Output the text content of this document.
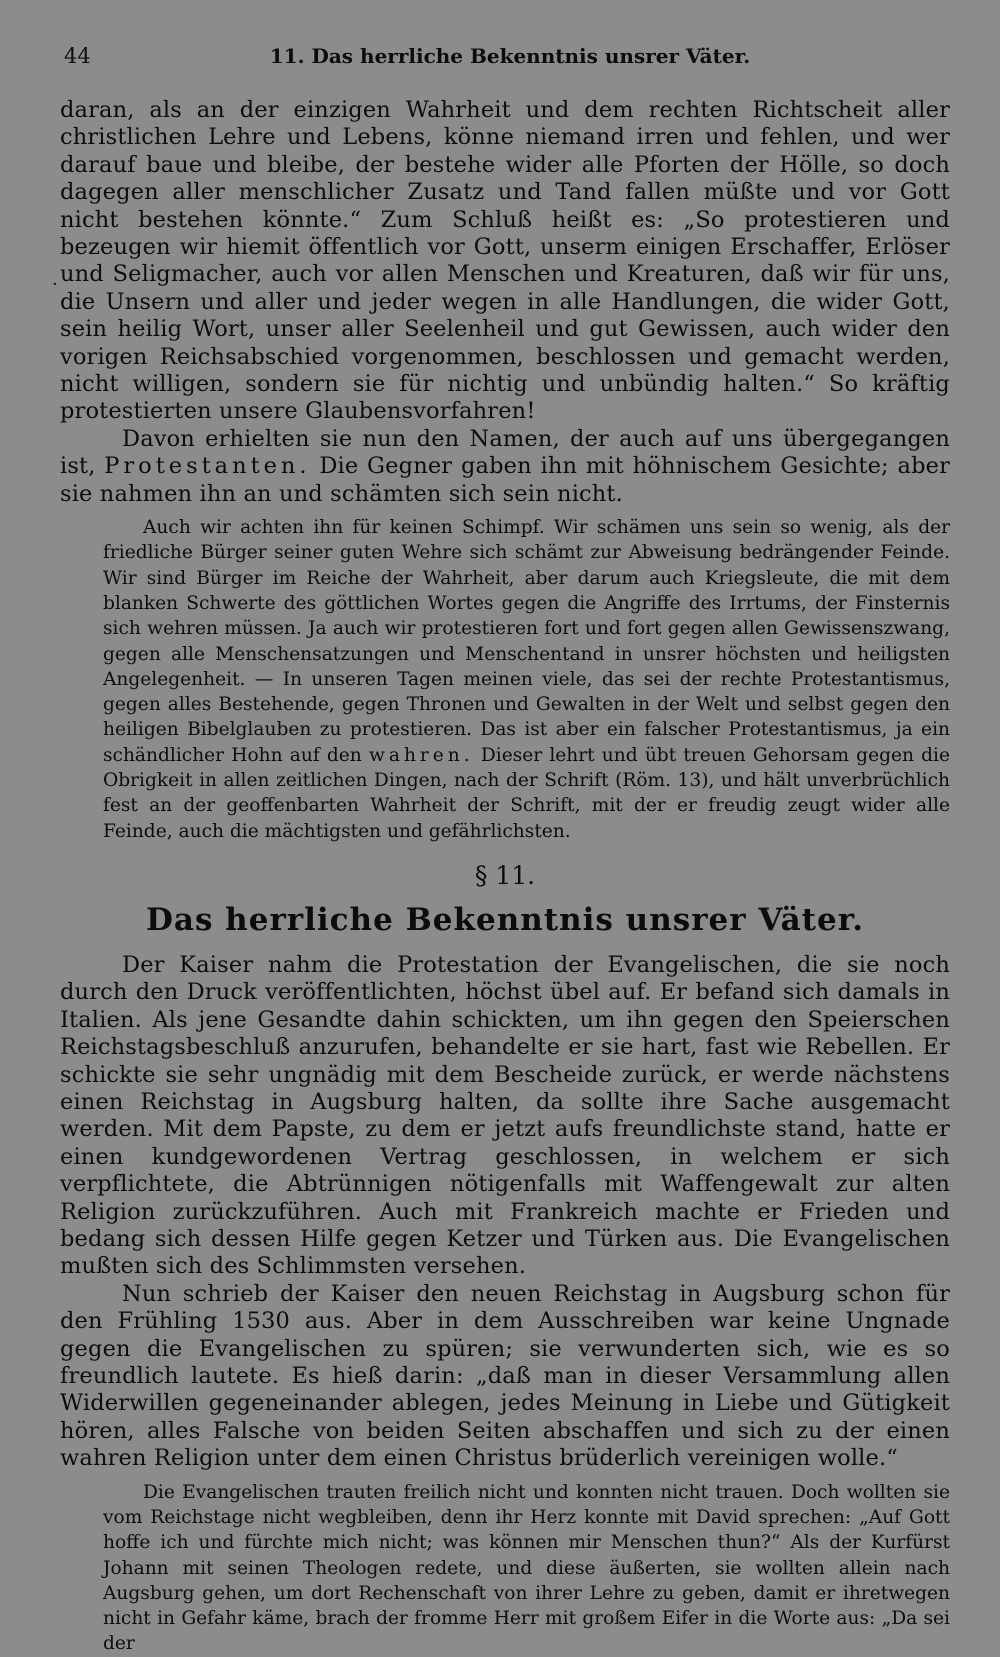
44	11. Das herrliche Bekenntnis unsrer Väter.
·

daran, als an der einzigen Wahrheit und dem rechten Richtscheit aller christlichen Lehre und Lebens, könne niemand irren und fehlen, und wer darauf baue und bleibe, der bestehe wider alle Pforten der Hölle, so doch dagegen aller menschlicher Zusatz und Tand fallen müßte und vor Gott nicht bestehen könnte.“ Zum Schluß heißt es: „So protestieren und bezeugen wir hiemit öffentlich vor Gott, unserm einigen Erschaffer, Erlöser und Seligmacher, auch vor allen Menschen und Kreaturen, daß wir für uns, die Unsern und aller und jeder wegen in alle Handlungen, die wider Gott, sein heilig Wort, unser aller Seelenheil und gut Gewissen, auch wider den vorigen Reichsabschied vorgenommen, beschlossen und gemacht werden, nicht willigen, sondern sie für nichtig und unbündig halten.“ So kräftig protestierten unsere Glaubensvorfahren!

Davon erhielten sie nun den Namen, der auch auf uns übergegangen ist, Protestanten. Die Gegner gaben ihn mit höhnischem Gesichte; aber sie nahmen ihn an und schämten sich sein nicht.

Auch wir achten ihn für keinen Schimpf. Wir schämen uns sein so wenig, als der friedliche Bürger seiner guten Wehre sich schämt zur Abweisung bedrängender Feinde. Wir sind Bürger im Reiche der Wahrheit, aber darum auch Kriegsleute, die mit dem blanken Schwerte des göttlichen Wortes gegen die Angriffe des Irrtums, der Finsternis sich wehren müssen. Ja auch wir protestieren fort und fort gegen allen Gewissenszwang, gegen alle Menschensatzungen und Menschentand in unsrer höchsten und heiligsten Angelegenheit. — In unseren Tagen meinen viele, das sei der rechte Protestantismus, gegen alles Bestehende, gegen Thronen und Gewalten in der Welt und selbst gegen den heiligen Bibelglauben zu protestieren. Das ist aber ein falscher Protestantismus, ja ein schändlicher Hohn auf den wahren. Dieser lehrt und übt treuen Gehorsam gegen die Obrigkeit in allen zeitlichen Dingen, nach der Schrift (Röm. 13), und hält unverbrüchlich fest an der geoffenbarten Wahrheit der Schrift, mit der er freudig zeugt wider alle Feinde, auch die mächtigsten und gefährlichsten.

§ 11.
Das herrliche Bekenntnis unsrer Väter.

Der Kaiser nahm die Protestation der Evangelischen, die sie noch durch den Druck veröffentlichten, höchst übel auf. Er befand sich damals in Italien. Als jene Gesandte dahin schickten, um ihn gegen den Speierschen Reichstagsbeschluß anzurufen, behandelte er sie hart, fast wie Rebellen. Er schickte sie sehr ungnädig mit dem Bescheide zurück, er werde nächstens einen Reichstag in Augsburg halten, da sollte ihre Sache ausgemacht werden. Mit dem Papste, zu dem er jetzt aufs freundlichste stand, hatte er einen kundgewordenen Vertrag geschlossen, in welchem er sich verpflichtete, die Abtrünnigen nötigenfalls mit Waffengewalt zur alten Religion zurückzuführen. Auch mit Frankreich machte er Frieden und bedang sich dessen Hilfe gegen Ketzer und Türken aus. Die Evangelischen mußten sich des Schlimmsten versehen.

Nun schrieb der Kaiser den neuen Reichstag in Augsburg schon für den Frühling 1530 aus. Aber in dem Ausschreiben war keine Ungnade gegen die Evangelischen zu spüren; sie verwunderten sich, wie es so freundlich lautete. Es hieß darin: „daß man in dieser Versammlung allen Widerwillen gegeneinander ablegen, jedes Meinung in Liebe und Gütigkeit hören, alles Falsche von beiden Seiten abschaffen und sich zu der einen wahren Religion unter dem einen Christus brüderlich vereinigen wolle.“

Die Evangelischen trauten freilich nicht und konnten nicht trauen. Doch wollten sie vom Reichstage nicht wegbleiben, denn ihr Herz konnte mit David sprechen: „Auf Gott hoffe ich und fürchte mich nicht; was können mir Menschen thun?“ Als der Kurfürst Johann mit seinen Theologen redete, und diese äußerten, sie wollten allein nach Augsburg gehen, um dort Rechenschaft von ihrer Lehre zu geben, damit er ihretwegen nicht in Gefahr käme, brach der fromme Herr mit großem Eifer in die Worte aus: „Da sei der
